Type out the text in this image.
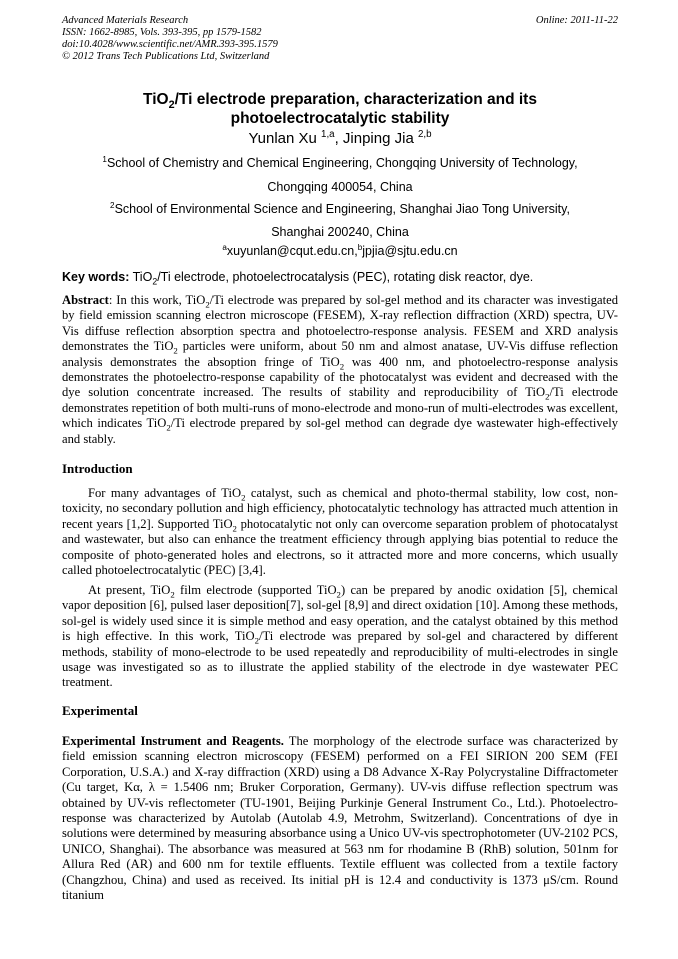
Advanced Materials Research
ISSN: 1662-8985, Vols. 393-395, pp 1579-1582
doi:10.4028/www.scientific.net/AMR.393-395.1579
© 2012 Trans Tech Publications Ltd, Switzerland
Online: 2011-11-22
TiO$_2$/Ti electrode preparation, characterization and its
photoelectrocatalytic stability
Yunlan Xu $^{1,a}$, Jinping Jia $^{2,b}$
$^1$School of Chemistry and Chemical Engineering, Chongqing University of Technology,
Chongqing 400054, China
$^2$School of Environmental Science and Engineering, Shanghai Jiao Tong University,
Shanghai 200240, China
$^a$xuyunlan@cqut.edu.cn,$^b$jpjia@sjtu.edu.cn
Key words: TiO$_2$/Ti electrode, photoelectrocatalysis (PEC), rotating disk reactor, dye.
Abstract: In this work, TiO$_2$/Ti electrode was prepared by sol-gel method and its character was investigated by field emission scanning electron microscope (FESEM), X-ray reflection diffraction (XRD) spectra, UV-Vis diffuse reflection absorption spectra and photoelectro-response analysis. FESEM and XRD analysis demonstrates the TiO$_2$ particles were uniform, about 50 nm and almost anatase, UV-Vis diffuse reflection analysis demonstrates the absoption fringe of TiO$_2$ was 400 nm, and photoelectro-response analysis demonstrates the photoelectro-response capability of the photocatalyst was evident and decreased with the dye solution concentrate increased. The results of stability and reproducibility of TiO$_2$/Ti electrode demonstrates repetition of both multi-runs of mono-electrode and mono-run of multi-electrodes was excellent, which indicates TiO$_2$/Ti electrode prepared by sol-gel method can degrade dye wastewater high-effectively and stably.
Introduction
For many advantages of TiO$_2$ catalyst, such as chemical and photo-thermal stability, low cost, non-toxicity, no secondary pollution and high efficiency, photocatalytic technology has attracted much attention in recent years [1,2]. Supported TiO$_2$ photocatalytic not only can overcome separation problem of photocatalyst and wastewater, but also can enhance the treatment efficiency through applying bias potential to reduce the composite of photo-generated holes and electrons, so it attracted more and more concerns, which usually called photoelectrocatalytic (PEC) [3,4].
At present, TiO$_2$ film electrode (supported TiO$_2$) can be prepared by anodic oxidation [5], chemical vapor deposition [6], pulsed laser deposition[7], sol-gel [8,9] and direct oxidation [10]. Among these methods, sol-gel is widely used since it is simple method and easy operation, and the catalyst obtained by this method is high effective. In this work, TiO$_2$/Ti electrode was prepared by sol-gel and charactered by different methods, stability of mono-electrode to be used repeatedly and reproducibility of multi-electrodes in single usage was investigated so as to illustrate the applied stability of the electrode in dye wastewater PEC treatment.
Experimental
Experimental Instrument and Reagents. The morphology of the electrode surface was characterized by field emission scanning electron microscopy (FESEM) performed on a FEI SIRION 200 SEM (FEI Corporation, U.S.A.) and X-ray diffraction (XRD) using a D8 Advance X-Ray Polycrystaline Diffractometer (Cu target, Kα, λ = 1.5406 nm; Bruker Corporation, Germany). UV-vis diffuse reflection spectrum was obtained by UV-vis reflectometer (TU-1901, Beijing Purkinje General Instrument Co., Ltd.). Photoelectro-response was characterized by Autolab (Autolab 4.9, Metrohm, Switzerland). Concentrations of dye in solutions were determined by measuring absorbance using a Unico UV-vis spectrophotometer (UV-2102 PCS, UNICO, Shanghai). The absorbance was measured at 563 nm for rhodamine B (RhB) solution, 501nm for Allura Red (AR) and 600 nm for textile effluents. Textile effluent was collected from a textile factory (Changzhou, China) and used as received. Its initial pH is 12.4 and conductivity is 1373 μS/cm. Round titanium
